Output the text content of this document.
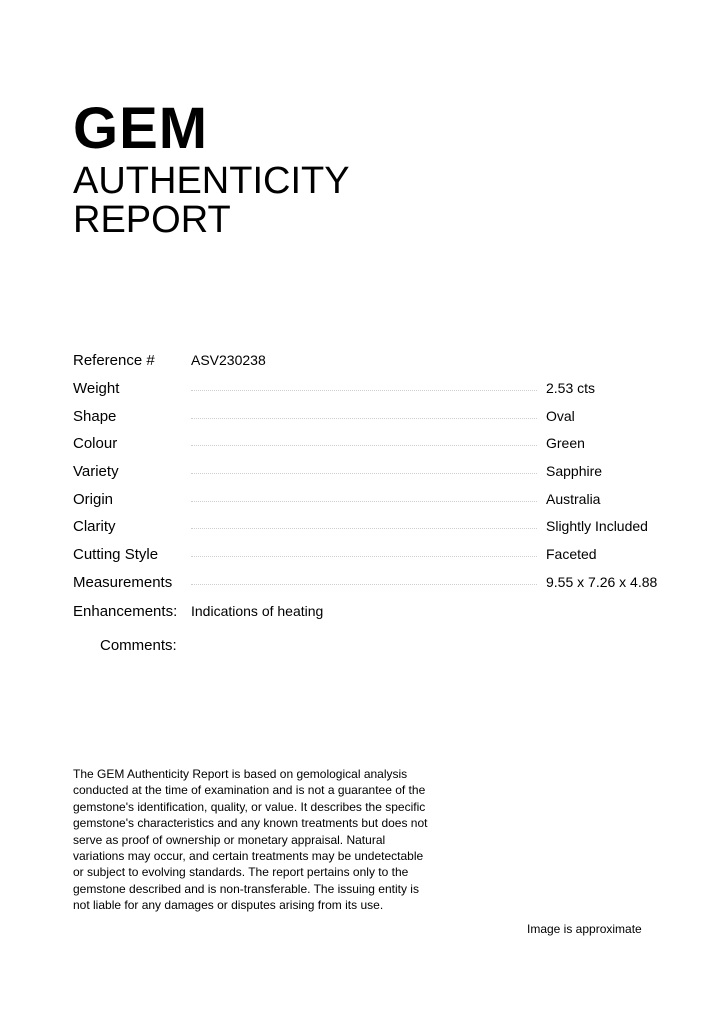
GEM
AUTHENTICITY
REPORT
Reference #	ASV230238
Weight	2.53 cts
Shape	Oval
Colour	Green
Variety	Sapphire
Origin	Australia
Clarity	Slightly Included
Cutting Style	Faceted
Measurements	9.55 x 7.26 x 4.88
Enhancements: Indications of heating
Comments:

The GEM Authenticity Report is based on gemological analysis
conducted at the time of examination and is not a guarantee of the
gemstone's identification, quality, or value. It describes the specific
gemstone's characteristics and any known treatments but does not
serve as proof of ownership or monetary appraisal. Natural
variations may occur, and certain treatments may be undetectable
or subject to evolving standards. The report pertains only to the
gemstone described and is non-transferable. The issuing entity is
not liable for any damages or disputes arising from its use.

Image is approximate
